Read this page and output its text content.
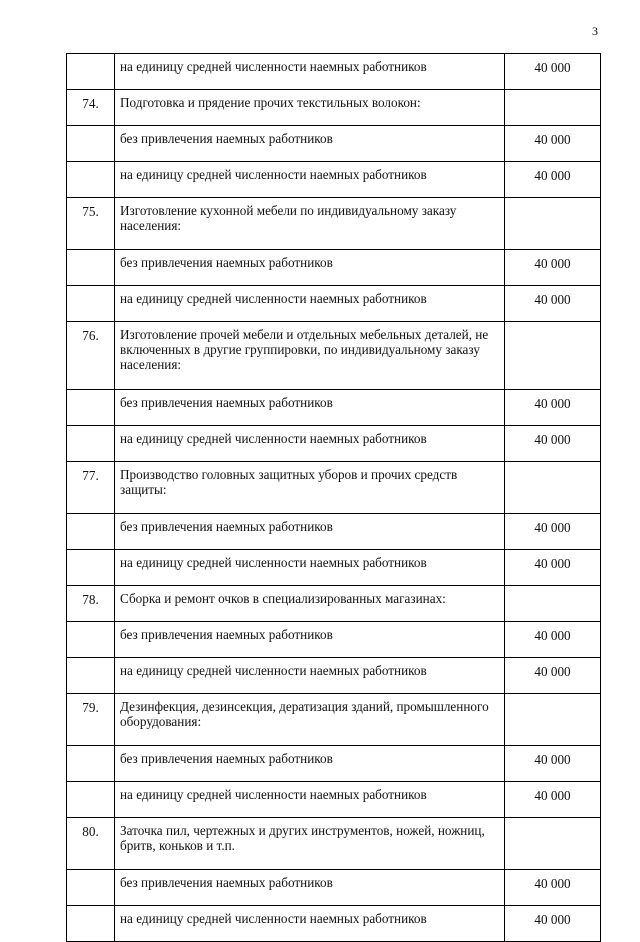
3
	на единицу средней численности наемных работников	40 000
74.	Подготовка и прядение прочих текстильных волокон:	
	без привлечения наемных работников	40 000
	на единицу средней численности наемных работников	40 000
75.	Изготовление кухонной мебели по индивидуальному заказу населения:	
	без привлечения наемных работников	40 000
	на единицу средней численности наемных работников	40 000
76.	Изготовление прочей мебели и отдельных мебельных деталей, не включенных в другие группировки, по индивидуальному заказу населения:	
	без привлечения наемных работников	40 000
	на единицу средней численности наемных работников	40 000
77.	Производство головных защитных уборов и прочих средств защиты:	
	без привлечения наемных работников	40 000
	на единицу средней численности наемных работников	40 000
78.	Сборка и ремонт очков в специализированных магазинах:	
	без привлечения наемных работников	40 000
	на единицу средней численности наемных работников	40 000
79.	Дезинфекция, дезинсекция, дератизация зданий, промышленного оборудования:	
	без привлечения наемных работников	40 000
	на единицу средней численности наемных работников	40 000
80.	Заточка пил, чертежных и других инструментов, ножей, ножниц, бритв, коньков и т.п.	
	без привлечения наемных работников	40 000
	на единицу средней численности наемных работников	40 000
